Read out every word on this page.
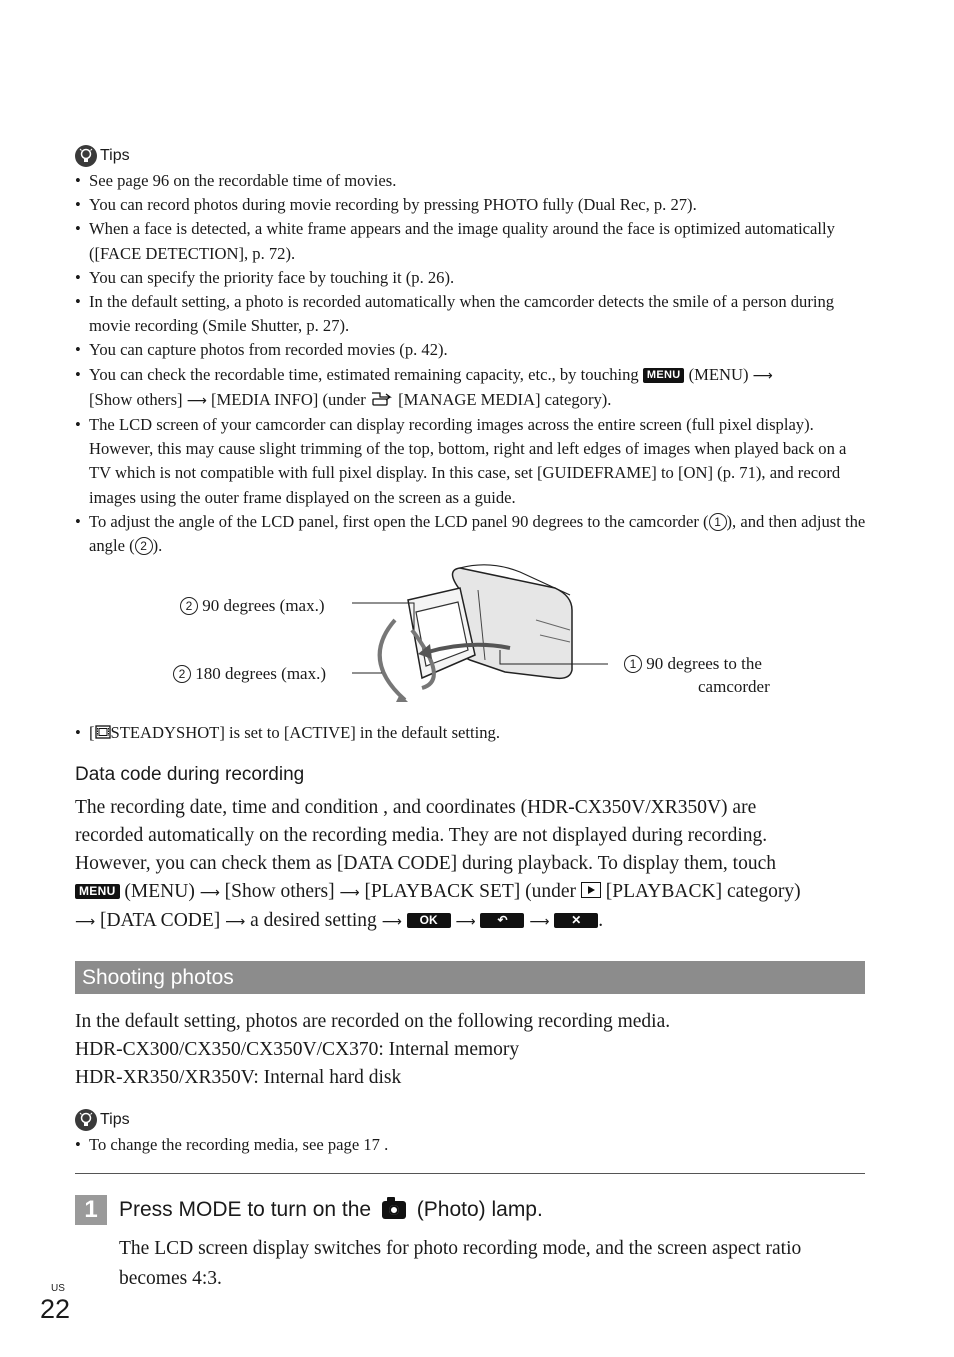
Tips
• See page 96 on the recordable time of movies.
• You can record photos during movie recording by pressing PHOTO fully (Dual Rec, p. 27).
• When a face is detected, a white frame appears and the image quality around the face is optimized automatically ([FACE DETECTION], p. 72).
• You can specify the priority face by touching it (p. 26).
• In the default setting, a photo is recorded automatically when the camcorder detects the smile of a person during movie recording (Smile Shutter, p. 27).
• You can capture photos from recorded movies (p. 42).
• You can check the recordable time, estimated remaining capacity, etc., by touching MENU (MENU) ⟶
[Show others] ⟶ [MEDIA INFO] (under  [MANAGE MEDIA] category).
• The LCD screen of your camcorder can display recording images across the entire screen (full pixel display). However, this may cause slight trimming of the top, bottom, right and left edges of images when played back on a TV which is not compatible with full pixel display. In this case, set [GUIDEFRAME] to [ON] (p. 71), and record images using the outer frame displayed on the screen as a guide.
• To adjust the angle of the LCD panel, first open the LCD panel 90 degrees to the camcorder ( 1 ), and then adjust the angle ( 2 ).
2 90 degrees (max.)
2 180 degrees (max.)	1 90 degrees to the
camcorder
• [ STEADYSHOT] is set to [ACTIVE] in the default setting.
Data code during recording
The recording date, time and condition , and coordinates (HDR-CX350V/XR350V) are
recorded automatically on the recording media. They are not displayed during recording.
However, you can check them as [DATA CODE] during playback. To display them, touch
MENU (MENU) ⟶ [Show others] ⟶ [PLAYBACK SET] (under  [PLAYBACK] category)
⟶ [DATA CODE] ⟶ a desired setting ⟶ OK ⟶ ↶ ⟶ ✕ .
Shooting photos
In the default setting, photos are recorded on the following recording media.
HDR-CX300/CX350/CX350V/CX370: Internal memory
HDR-XR350/XR350V: Internal hard disk
Tips
• To change the recording media, see page 17 .
1	Press MODE to turn on the (Photo) lamp.
The LCD screen display switches for photo recording mode, and the screen aspect ratio
becomes 4:3.
US
22
